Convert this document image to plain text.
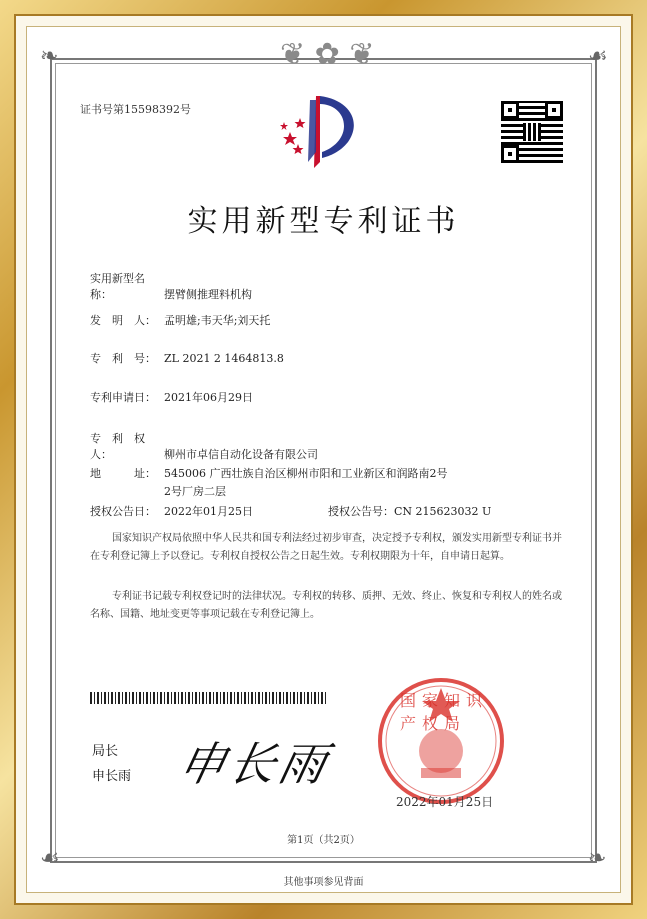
❦ ✿ ❦
❧	☙
☙	❧
证书号第15598392号
实用新型专利证书
实用新型名称：	摆臂侧推理料机构
发　明　人： 孟明雄;韦天华;刘天托
专　利　号： ZL 2021 2 1464813.8
专利申请日： 2021年06月29日
专　利　权　人：	柳州市卓信自动化设备有限公司
地　　　址： 545006 广西壮族自治区柳州市阳和工业新区和润路南2号
2号厂房二层
授权公告日： 2022年01月25日	授权公告号：CN 215623032 U
国家知识产权局依照中华人民共和国专利法经过初步审查，决定授予专利权，颁发实用新型专利证书并在专利登记簿上予以登记。专利权自授权公告之日起生效。专利权期限为十年，自申请日起算。
专利证书记载专利权登记时的法律状况。专利权的转移、质押、无效、终止、恢复和专利权人的姓名或名称、国籍、地址变更等事项记载在专利登记簿上。
局长
申长雨 申长雨
国家知识产权局
2022年01月25日
第1页（共2页）
其他事项参见背面
